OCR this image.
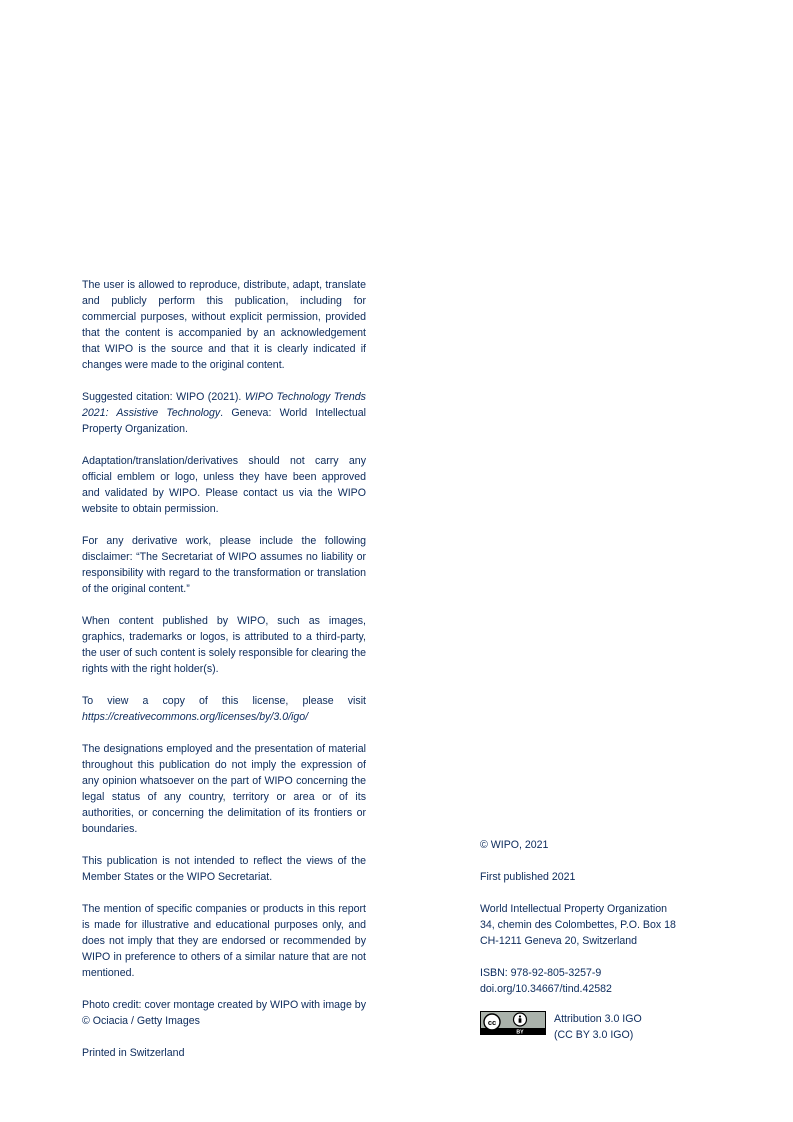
The user is allowed to reproduce, distribute, adapt, translate and publicly perform this publication, including for commercial purposes, without explicit permission, provided that the content is accompanied by an acknowledgement that WIPO is the source and that it is clearly indicated if changes were made to the original content.

Suggested citation: WIPO (2021). WIPO Technology Trends 2021: Assistive Technology. Geneva: World Intellectual Property Organization.

Adaptation/translation/derivatives should not carry any official emblem or logo, unless they have been approved and validated by WIPO. Please contact us via the WIPO website to obtain permission.

For any derivative work, please include the following disclaimer: “The Secretariat of WIPO assumes no liability or responsibility with regard to the transformation or translation of the original content.”

When content published by WIPO, such as images, graphics, trademarks or logos, is attributed to a third-party, the user of such content is solely responsible for clearing the rights with the right holder(s).

To view a copy of this license, please visit https://creativecommons.org/licenses/by/3.0/igo/

The designations employed and the presentation of material throughout this publication do not imply the expression of any opinion whatsoever on the part of WIPO concerning the legal status of any country, territory or area or of its authorities, or concerning the delimitation of its frontiers or boundaries.

This publication is not intended to reflect the views of the Member States or the WIPO Secretariat.

The mention of specific companies or products in this report is made for illustrative and educational purposes only, and does not imply that they are endorsed or recommended by WIPO in preference to others of a similar nature that are not mentioned.

Photo credit: cover montage created by WIPO with image by © Ociacia / Getty Images

Printed in Switzerland

© WIPO, 2021

First published 2021

World Intellectual Property Organization
34, chemin des Colombettes, P.O. Box 18
CH-1211 Geneva 20, Switzerland

ISBN: 978-92-805-3257-9
doi.org/10.34667/tind.42582

cc
BY
Attribution 3.0 IGO
(CC BY 3.0 IGO)
